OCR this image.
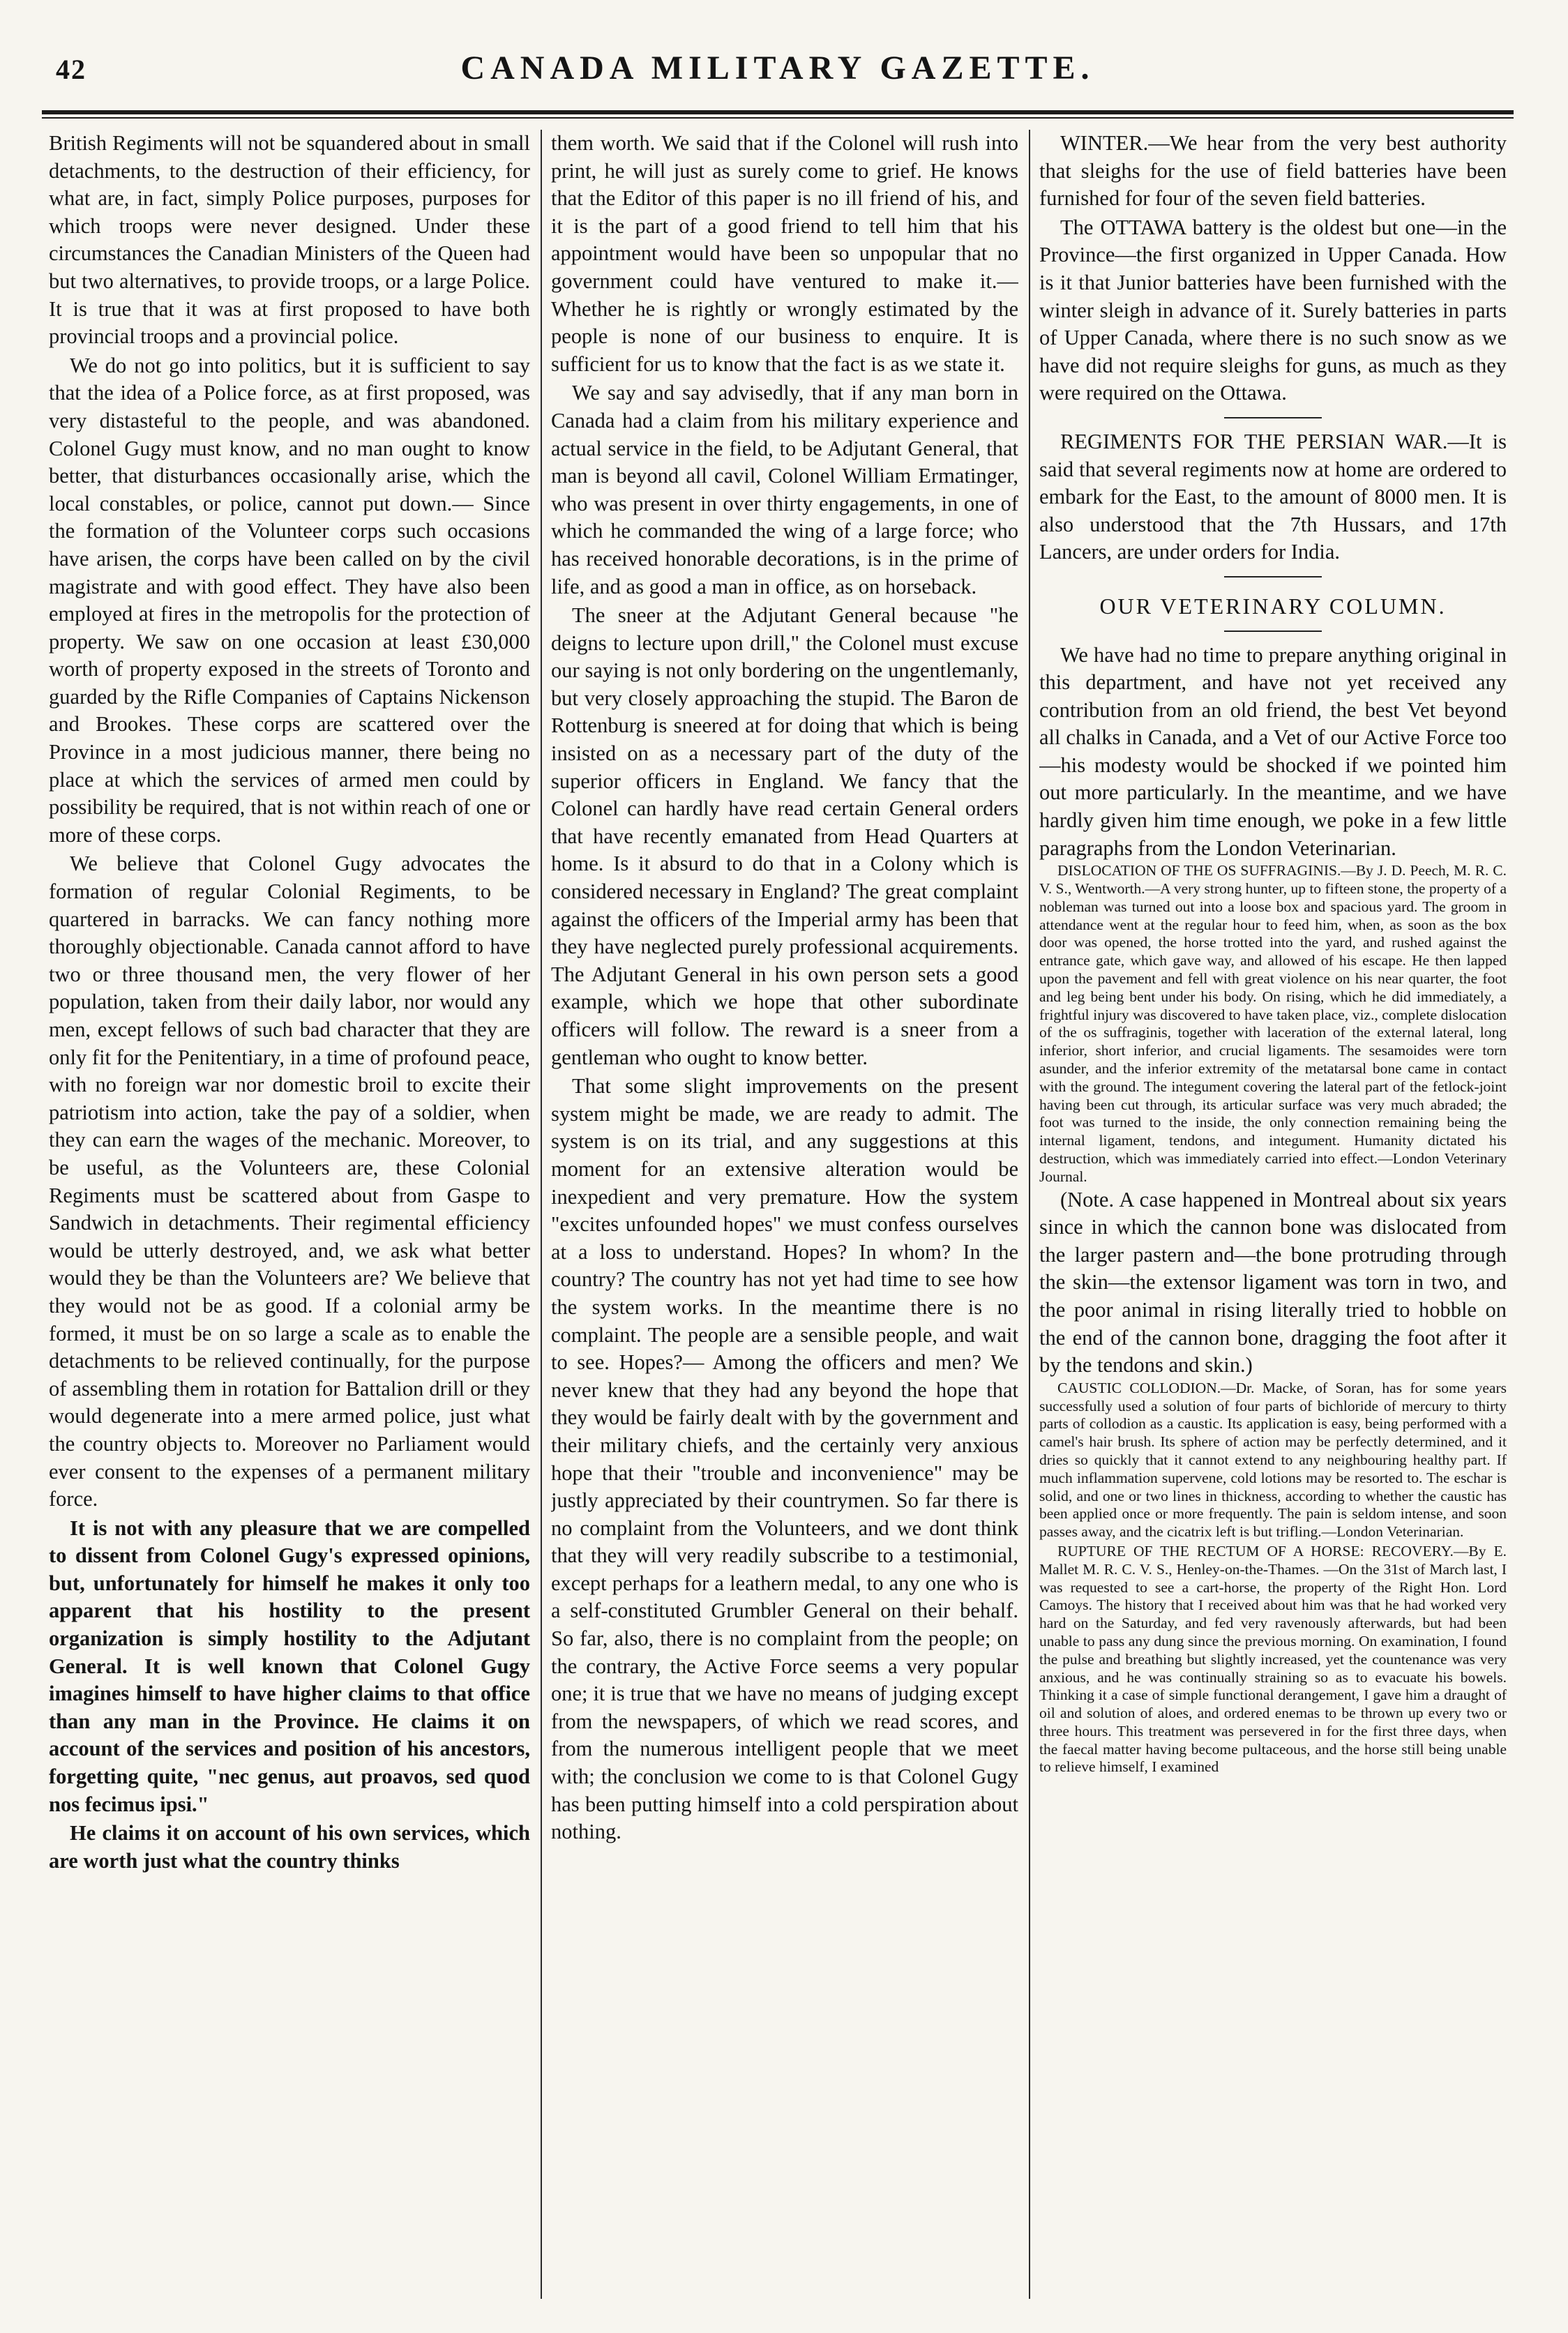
42	CANADA MILITARY GAZETTE.

British Regiments will not be squandered about in small detachments, to the destruction of their efficiency, for what are, in fact, simply Police purposes, purposes for which troops were never designed. Under these circumstances the Canadian Ministers of the Queen had but two alternatives, to provide troops, or a large Police. It is true that it was at first proposed to have both provincial troops and a provincial police.

We do not go into politics, but it is sufficient to say that the idea of a Police force, as at first proposed, was very distasteful to the people, and was abandoned. Colonel Gugy must know, and no man ought to know better, that disturbances occasionally arise, which the local constables, or police, cannot put down.— Since the formation of the Volunteer corps such occasions have arisen, the corps have been called on by the civil magistrate and with good effect. They have also been employed at fires in the metropolis for the protection of property. We saw on one occasion at least £30,000 worth of property exposed in the streets of Toronto and guarded by the Rifle Companies of Captains Nickenson and Brookes. These corps are scattered over the Province in a most judicious manner, there being no place at which the services of armed men could by possibility be required, that is not within reach of one or more of these corps.

We believe that Colonel Gugy advocates the formation of regular Colonial Regiments, to be quartered in barracks. We can fancy nothing more thoroughly objectionable. Canada cannot afford to have two or three thousand men, the very flower of her population, taken from their daily labor, nor would any men, except fellows of such bad character that they are only fit for the Penitentiary, in a time of profound peace, with no foreign war nor domestic broil to excite their patriotism into action, take the pay of a soldier, when they can earn the wages of the mechanic. Moreover, to be useful, as the Volunteers are, these Colonial Regiments must be scattered about from Gaspe to Sandwich in detachments. Their regimental efficiency would be utterly destroyed, and, we ask what better would they be than the Volunteers are? We believe that they would not be as good. If a colonial army be formed, it must be on so large a scale as to enable the detachments to be relieved continually, for the purpose of assembling them in rotation for Battalion drill or they would degenerate into a mere armed police, just what the country objects to. Moreover no Parliament would ever consent to the expenses of a permanent military force.

It is not with any pleasure that we are compelled to dissent from Colonel Gugy's expressed opinions, but, unfortunately for himself he makes it only too apparent that his hostility to the present organization is simply hostility to the Adjutant General. It is well known that Colonel Gugy imagines himself to have higher claims to that office than any man in the Province. He claims it on account of the services and position of his ancestors, forgetting quite, "nec genus, aut proavos, sed quod nos fecimus ipsi."

He claims it on account of his own services, which are worth just what the country thinks

them worth. We said that if the Colonel will rush into print, he will just as surely come to grief. He knows that the Editor of this paper is no ill friend of his, and it is the part of a good friend to tell him that his appointment would have been so unpopular that no government could have ventured to make it.— Whether he is rightly or wrongly estimated by the people is none of our business to enquire. It is sufficient for us to know that the fact is as we state it.

We say and say advisedly, that if any man born in Canada had a claim from his military experience and actual service in the field, to be Adjutant General, that man is beyond all cavil, Colonel William Ermatinger, who was present in over thirty engagements, in one of which he commanded the wing of a large force; who has received honorable decorations, is in the prime of life, and as good a man in office, as on horseback.

The sneer at the Adjutant General because "he deigns to lecture upon drill," the Colonel must excuse our saying is not only bordering on the ungentlemanly, but very closely approaching the stupid. The Baron de Rottenburg is sneered at for doing that which is being insisted on as a necessary part of the duty of the superior officers in England. We fancy that the Colonel can hardly have read certain General orders that have recently emanated from Head Quarters at home. Is it absurd to do that in a Colony which is considered necessary in England? The great complaint against the officers of the Imperial army has been that they have neglected purely professional acquirements. The Adjutant General in his own person sets a good example, which we hope that other subordinate officers will follow. The reward is a sneer from a gentleman who ought to know better.

That some slight improvements on the present system might be made, we are ready to admit. The system is on its trial, and any suggestions at this moment for an extensive alteration would be inexpedient and very premature. How the system "excites unfounded hopes" we must confess ourselves at a loss to understand. Hopes? In whom? In the country? The country has not yet had time to see how the system works. In the meantime there is no complaint. The people are a sensible people, and wait to see. Hopes?— Among the officers and men? We never knew that they had any beyond the hope that they would be fairly dealt with by the government and their military chiefs, and the certainly very anxious hope that their "trouble and inconvenience" may be justly appreciated by their countrymen. So far there is no complaint from the Volunteers, and we dont think that they will very readily subscribe to a testimonial, except perhaps for a leathern medal, to any one who is a self-constituted Grumbler General on their behalf. So far, also, there is no complaint from the people; on the contrary, the Active Force seems a very popular one; it is true that we have no means of judging except from the newspapers, of which we read scores, and from the numerous intelligent people that we meet with; the conclusion we come to is that Colonel Gugy has been putting himself into a cold perspiration about nothing.

WINTER.—We hear from the very best authority that sleighs for the use of field batteries have been furnished for four of the seven field batteries.

The OTTAWA battery is the oldest but one—in the Province—the first organized in Upper Canada. How is it that Junior batteries have been furnished with the winter sleigh in advance of it. Surely batteries in parts of Upper Canada, where there is no such snow as we have did not require sleighs for guns, as much as they were required on the Ottawa.

REGIMENTS FOR THE PERSIAN WAR.—It is said that several regiments now at home are ordered to embark for the East, to the amount of 8000 men. It is also understood that the 7th Hussars, and 17th Lancers, are under orders for India.

OUR VETERINARY COLUMN.

We have had no time to prepare anything original in this department, and have not yet received any contribution from an old friend, the best Vet beyond all chalks in Canada, and a Vet of our Active Force too—his modesty would be shocked if we pointed him out more particularly. In the meantime, and we have hardly given him time enough, we poke in a few little paragraphs from the London Veterinarian.

DISLOCATION OF THE OS SUFFRAGINIS.—By J. D. Peech, M. R. C. V. S., Wentworth.—A very strong hunter, up to fifteen stone, the property of a nobleman was turned out into a loose box and spacious yard. The groom in attendance went at the regular hour to feed him, when, as soon as the box door was opened, the horse trotted into the yard, and rushed against the entrance gate, which gave way, and allowed of his escape. He then lapped upon the pavement and fell with great violence on his near quarter, the foot and leg being bent under his body. On rising, which he did immediately, a frightful injury was discovered to have taken place, viz., complete dislocation of the os suffraginis, together with laceration of the external lateral, long inferior, short inferior, and crucial ligaments. The sesamoides were torn asunder, and the inferior extremity of the metatarsal bone came in contact with the ground. The integument covering the lateral part of the fetlock-joint having been cut through, its articular surface was very much abraded; the foot was turned to the inside, the only connection remaining being the internal ligament, tendons, and integument. Humanity dictated his destruction, which was immediately carried into effect.—London Veterinary Journal.

(Note. A case happened in Montreal about six years since in which the cannon bone was dislocated from the larger pastern and—the bone protruding through the skin—the extensor ligament was torn in two, and the poor animal in rising literally tried to hobble on the end of the cannon bone, dragging the foot after it by the tendons and skin.)

CAUSTIC COLLODION.—Dr. Macke, of Soran, has for some years successfully used a solution of four parts of bichloride of mercury to thirty parts of collodion as a caustic. Its application is easy, being performed with a camel's hair brush. Its sphere of action may be perfectly determined, and it dries so quickly that it cannot extend to any neighbouring healthy part. If much inflammation supervene, cold lotions may be resorted to. The eschar is solid, and one or two lines in thickness, according to whether the caustic has been applied once or more frequently. The pain is seldom intense, and soon passes away, and the cicatrix left is but trifling.—London Veterinarian.

RUPTURE OF THE RECTUM OF A HORSE: RECOVERY.—By E. Mallet M. R. C. V. S., Henley-on-the-Thames. —On the 31st of March last, I was requested to see a cart-horse, the property of the Right Hon. Lord Camoys. The history that I received about him was that he had worked very hard on the Saturday, and fed very ravenously afterwards, but had been unable to pass any dung since the previous morning. On examination, I found the pulse and breathing but slightly increased, yet the countenance was very anxious, and he was continually straining so as to evacuate his bowels. Thinking it a case of simple functional derangement, I gave him a draught of oil and solution of aloes, and ordered enemas to be thrown up every two or three hours. This treatment was persevered in for the first three days, when the faecal matter having become pultaceous, and the horse still being unable to relieve himself, I examined
